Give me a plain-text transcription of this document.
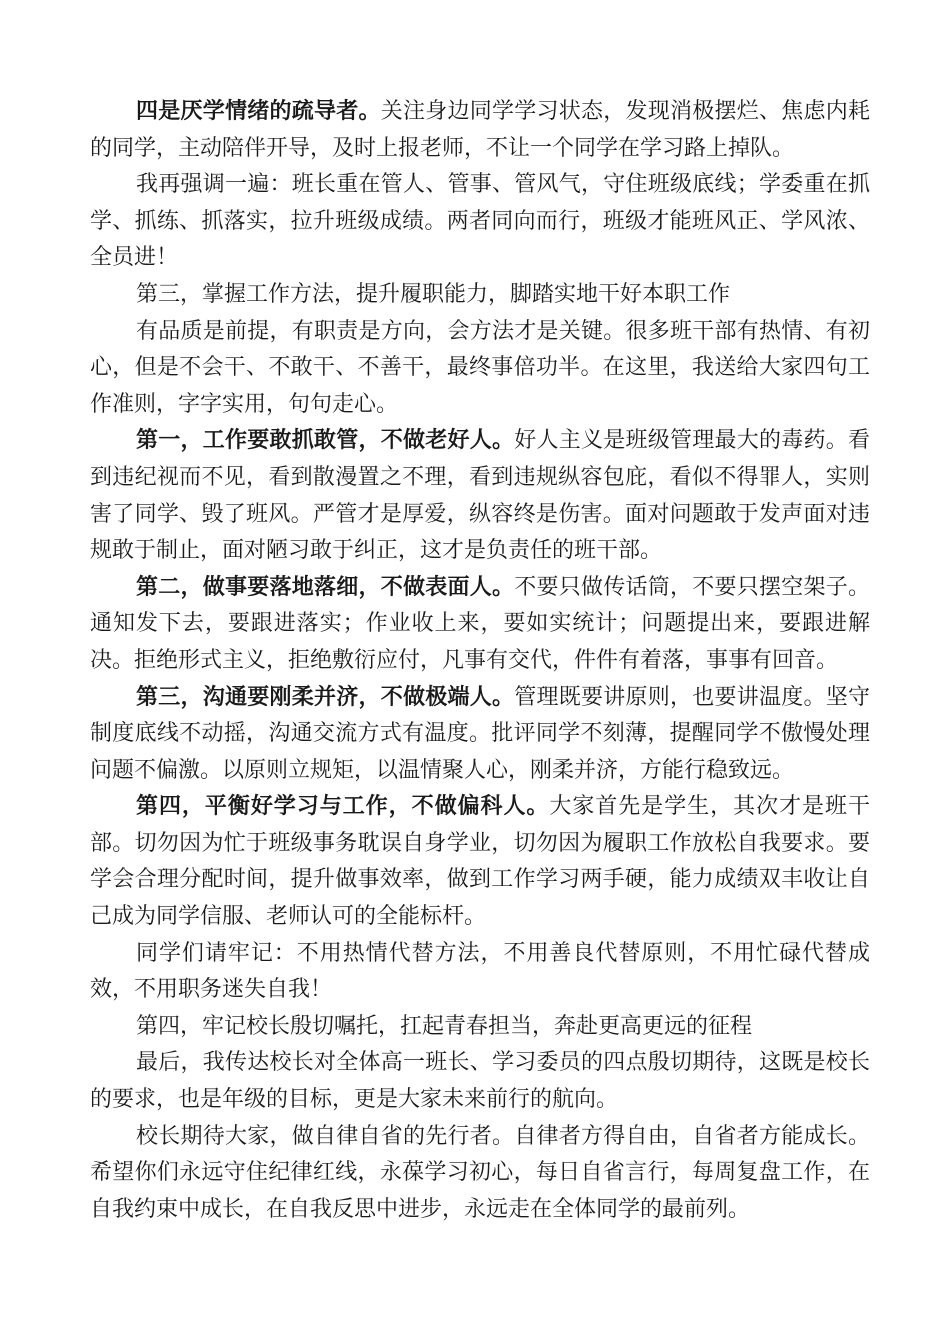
四是厌学情绪的疏导者。关注身边同学学习状态，发现消极摆烂、焦虑内耗的同学，主动陪伴开导，及时上报老师，不让一个同学在学习路上掉队。

我再强调一遍：班长重在管人、管事、管风气，守住班级底线；学委重在抓学、抓练、抓落实，拉升班级成绩。两者同向而行，班级才能班风正、学风浓、全员进！

第三，掌握工作方法，提升履职能力，脚踏实地干好本职工作

有品质是前提，有职责是方向，会方法才是关键。很多班干部有热情、有初心，但是不会干、不敢干、不善干，最终事倍功半。在这里，我送给大家四句工作准则，字字实用，句句走心。

第一，工作要敢抓敢管，不做老好人。好人主义是班级管理最大的毒药。看到违纪视而不见，看到散漫置之不理，看到违规纵容包庇，看似不得罪人，实则害了同学、毁了班风。严管才是厚爱，纵容终是伤害。面对问题敢于发声面对违规敢于制止，面对陋习敢于纠正，这才是负责任的班干部。

第二，做事要落地落细，不做表面人。不要只做传话筒，不要只摆空架子。通知发下去，要跟进落实；作业收上来，要如实统计；问题提出来，要跟进解决。拒绝形式主义，拒绝敷衍应付，凡事有交代，件件有着落，事事有回音。

第三，沟通要刚柔并济，不做极端人。管理既要讲原则，也要讲温度。坚守制度底线不动摇，沟通交流方式有温度。批评同学不刻薄，提醒同学不傲慢处理问题不偏激。以原则立规矩，以温情聚人心，刚柔并济，方能行稳致远。

第四，平衡好学习与工作，不做偏科人。大家首先是学生，其次才是班干部。切勿因为忙于班级事务耽误自身学业，切勿因为履职工作放松自我要求。要学会合理分配时间，提升做事效率，做到工作学习两手硬，能力成绩双丰收让自己成为同学信服、老师认可的全能标杆。

同学们请牢记：不用热情代替方法，不用善良代替原则，不用忙碌代替成效，不用职务迷失自我！

第四，牢记校长殷切嘱托，扛起青春担当，奔赴更高更远的征程

最后，我传达校长对全体高一班长、学习委员的四点殷切期待，这既是校长的要求，也是年级的目标，更是大家未来前行的航向。

校长期待大家，做自律自省的先行者。自律者方得自由，自省者方能成长。希望你们永远守住纪律红线，永葆学习初心，每日自省言行，每周复盘工作，在自我约束中成长，在自我反思中进步，永远走在全体同学的最前列。
